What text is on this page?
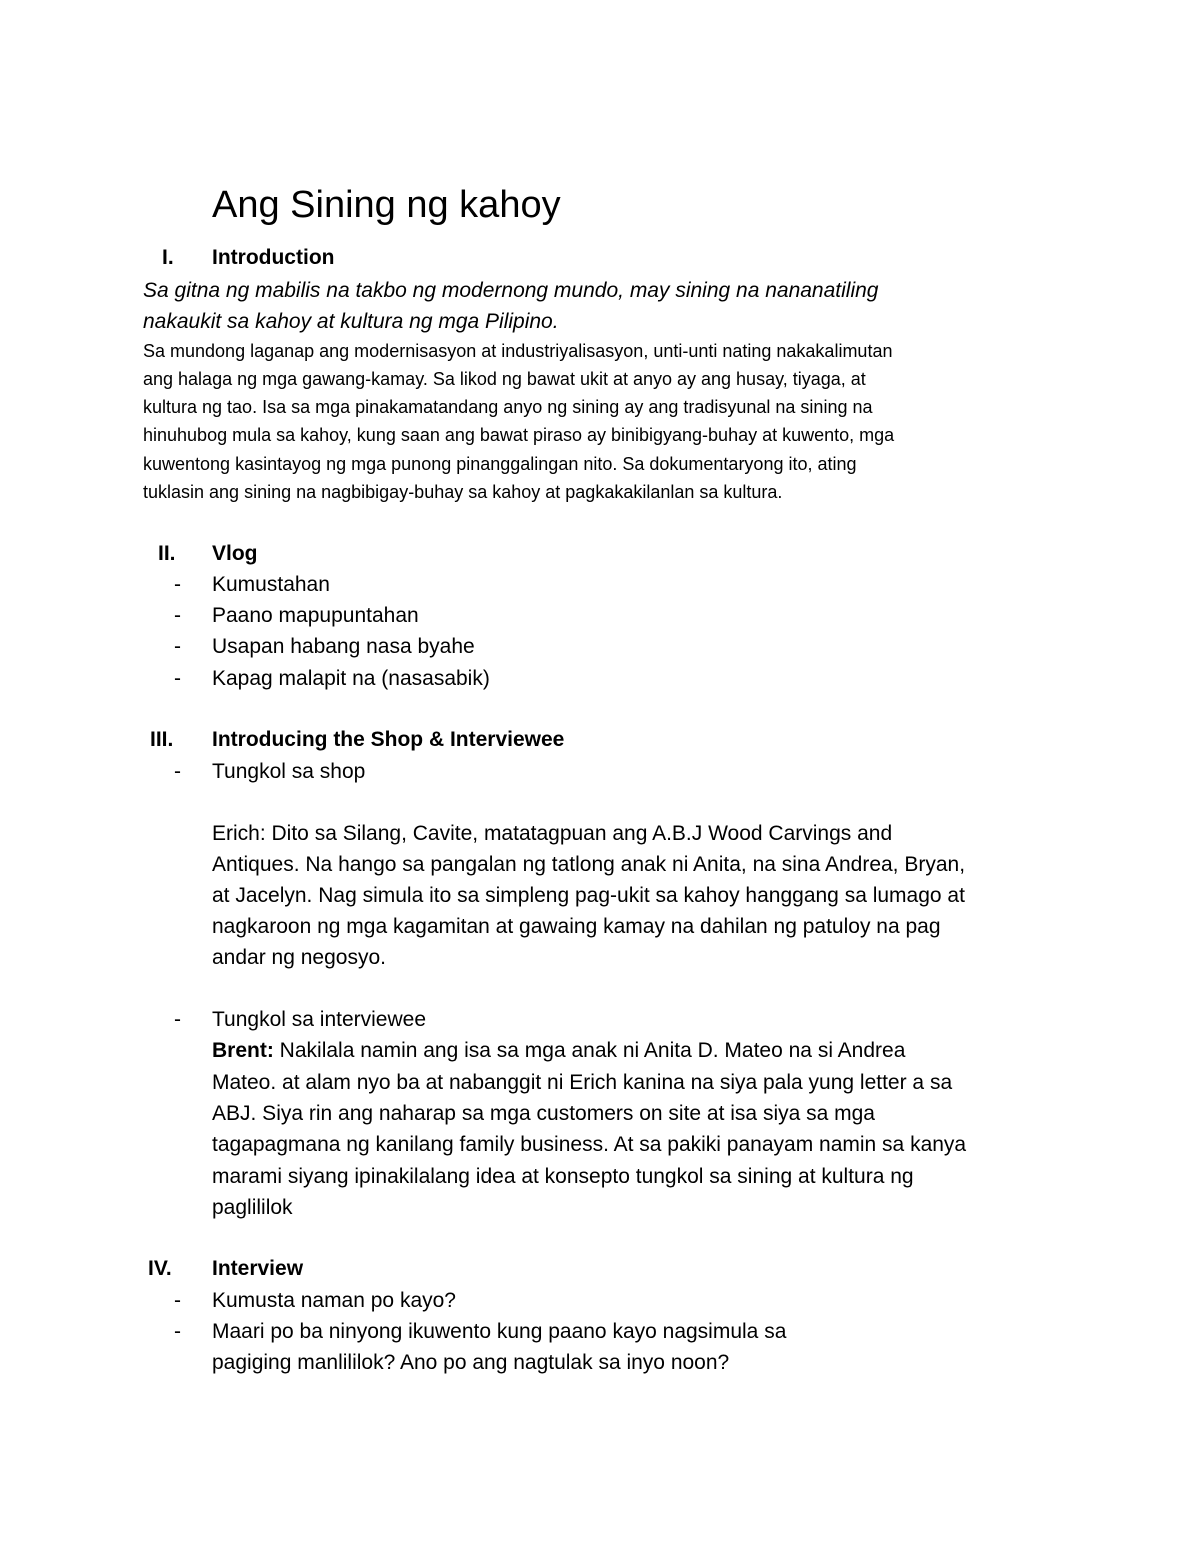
Ang Sining ng kahoy
I. Introduction
Sa gitna ng mabilis na takbo ng modernong mundo, may sining na nananatiling
nakaukit sa kahoy at kultura ng mga Pilipino.
Sa mundong laganap ang modernisasyon at industriyalisasyon, unti-unti nating nakakalimutan
ang halaga ng mga gawang-kamay. Sa likod ng bawat ukit at anyo ay ang husay, tiyaga, at
kultura ng tao. Isa sa mga pinakamatandang anyo ng sining ay ang tradisyunal na sining na
hinuhubog mula sa kahoy, kung saan ang bawat piraso ay binibigyang-buhay at kuwento, mga
kuwentong kasintayog ng mga punong pinanggalingan nito. Sa dokumentaryong ito, ating
tuklasin ang sining na nagbibigay-buhay sa kahoy at pagkakakilanlan sa kultura.
II. Vlog
- Kumustahan
- Paano mapupuntahan
- Usapan habang nasa byahe
- Kapag malapit na (nasasabik)
III. Introducing the Shop & Interviewee
- Tungkol sa shop
Erich: Dito sa Silang, Cavite, matatagpuan ang A.B.J Wood Carvings and
Antiques. Na hango sa pangalan ng tatlong anak ni Anita, na sina Andrea, Bryan,
at Jacelyn. Nag simula ito sa simpleng pag-ukit sa kahoy hanggang sa lumago at
nagkaroon ng mga kagamitan at gawaing kamay na dahilan ng patuloy na pag
andar ng negosyo.
- Tungkol sa interviewee
Brent: Nakilala namin ang isa sa mga anak ni Anita D. Mateo na si Andrea
Mateo. at alam nyo ba at nabanggit ni Erich kanina na siya pala yung letter a sa
ABJ. Siya rin ang naharap sa mga customers on site at isa siya sa mga
tagapagmana ng kanilang family business. At sa pakiki panayam namin sa kanya
marami siyang ipinakilalang idea at konsepto tungkol sa sining at kultura ng
paglililok
IV. Interview
- Kumusta naman po kayo?
- Maari po ba ninyong ikuwento kung paano kayo nagsimula sa
pagiging manlililok? Ano po ang nagtulak sa inyo noon?
